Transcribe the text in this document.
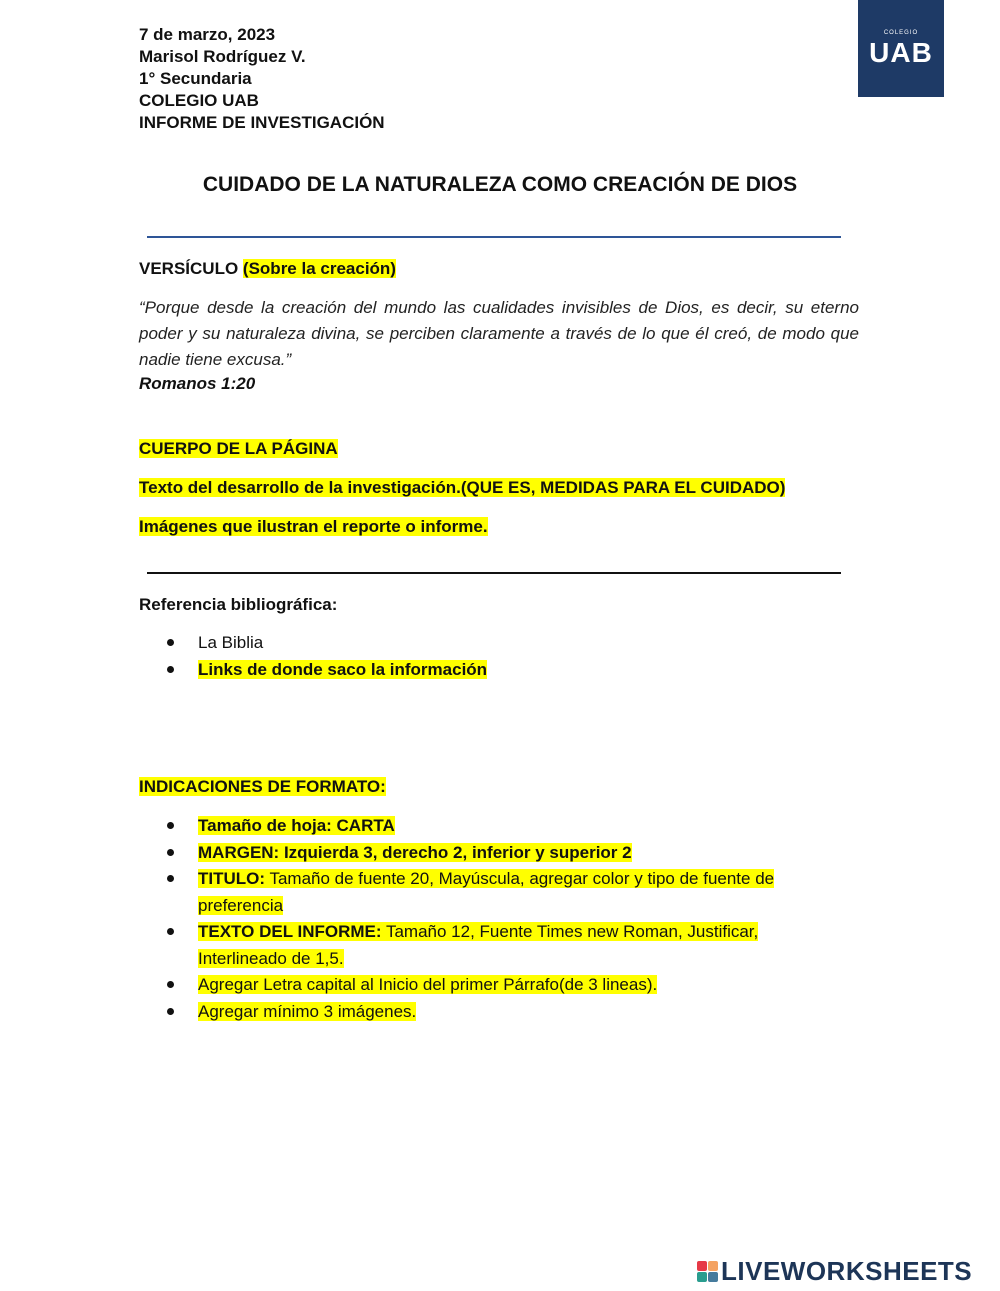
7 de marzo, 2023
Marisol Rodríguez V.
1° Secundaria
COLEGIO UAB
INFORME DE INVESTIGACIÓN
COLEGIO
UAB
CUIDADO DE LA NATURALEZA COMO CREACIÓN DE DIOS
VERSÍCULO (Sobre la creación)
“Porque desde la creación del mundo las cualidades invisibles de Dios, es decir, su eterno poder y su naturaleza divina, se perciben claramente a través de lo que él creó, de modo que nadie tiene excusa.”
Romanos 1:20
CUERPO DE LA PÁGINA
Texto del desarrollo de la investigación.(QUE ES, MEDIDAS PARA EL CUIDADO)
Imágenes que ilustran el reporte o informe.
Referencia bibliográfica:
La Biblia
Links de donde saco la información
INDICACIONES DE FORMATO:
Tamaño de hoja: CARTA
MARGEN: Izquierda 3, derecho 2, inferior y superior 2
TITULO: Tamaño de fuente 20, Mayúscula, agregar color y tipo de fuente de preferencia
TEXTO DEL INFORME: Tamaño 12, Fuente Times new Roman, Justificar, Interlineado de 1,5.
Agregar Letra capital al Inicio del primer Párrafo(de 3 lineas).
Agregar mínimo 3 imágenes.
LIVEWORKSHEETS
